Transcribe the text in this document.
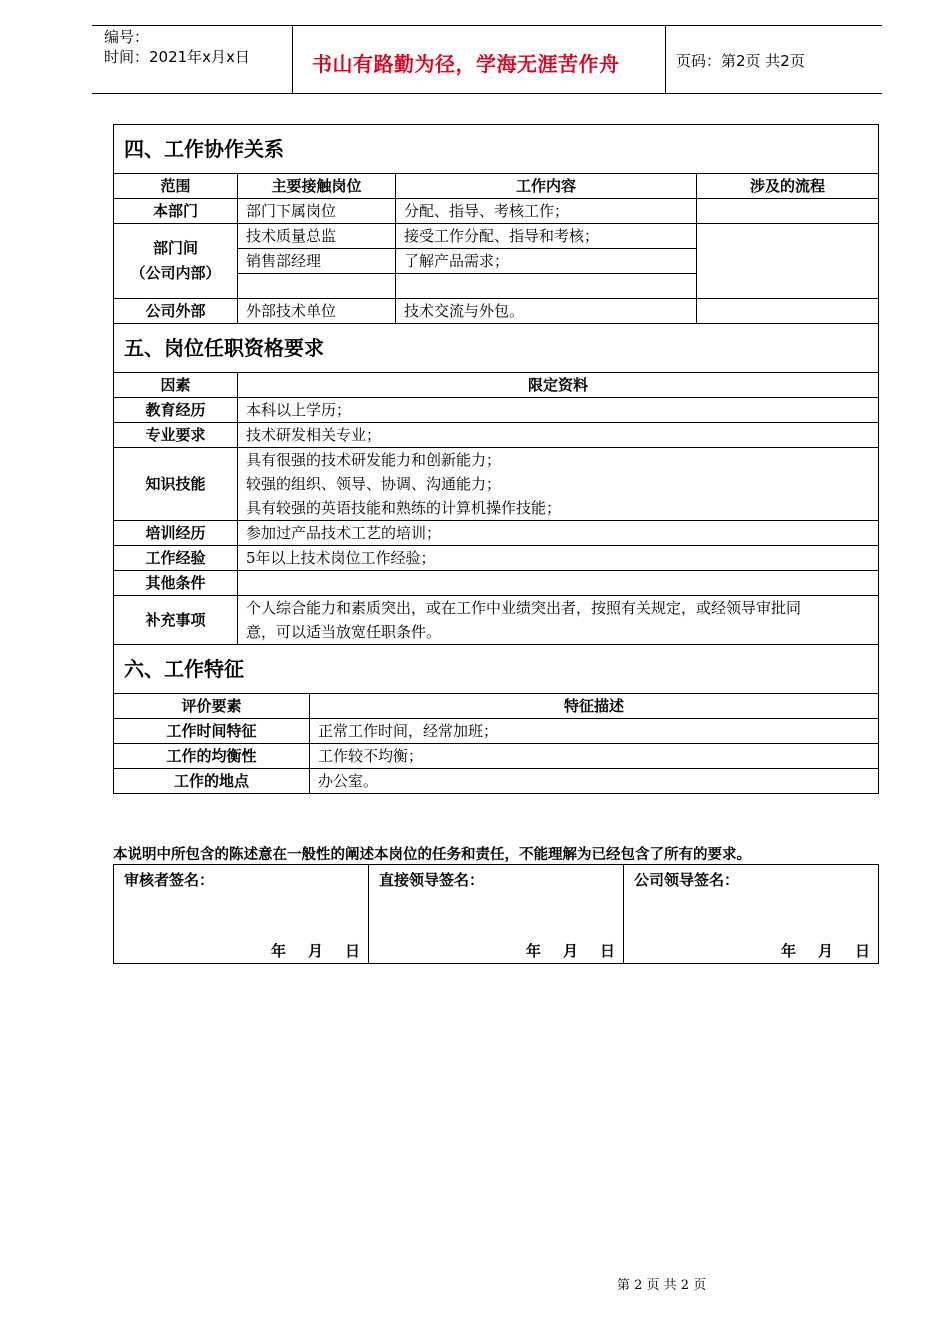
编号：
时间：2021年x月x日	书山有路勤为径，学海无涯苦作舟	页码：第2页 共2页
四、工作协作关系				
范围	主要接触岗位		工作内容	涉及的流程
本部门	部门下属岗位		分配、指导、考核工作；	

部门间
（公司内部）	技术质量总监		接受工作分配、指导和考核；	
	销售部经理		了解产品需求；	

公司外部	外部技术单位		技术交流与外包。	
五、岗位任职资格要求				
因素	限定资料			
教育经历	本科以上学历；			
专业要求	技术研发相关专业；			
知识技能	具有很强的技术研发能力和创新能力；
较强的组织、领导、协调、沟通能力；
具有较强的英语技能和熟练的计算机操作技能；			

培训经历	参加过产品技术工艺的培训；			
工作经验	5年以上技术岗位工作经验；			
其他条件				
补充事项	个人综合能力和素质突出，或在工作中业绩突出者，按照有关规定，或经领导审批同
意，可以适当放宽任职条件。			

六、工作特征				
评价要素		特征描述		
工作时间特征		正常工作时间，经常加班；		
工作的均衡性		工作较不均衡；		
工作的地点		办公室。		
本说明中所包含的陈述意在一般性的阐述本岗位的任务和责任，不能理解为已经包含了所有的要求。
审核者签名：
年 月 日

直接领导签名：
年 月 日

公司领导签名：
年 月 日
第 2 页 共 2 页
